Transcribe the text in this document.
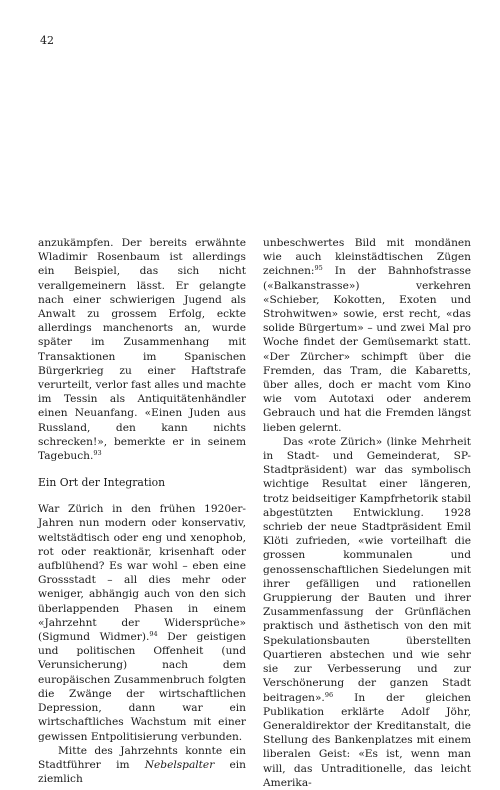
42

anzukämpfen. Der bereits erwähnte Wladimir Rosenbaum ist allerdings ein Beispiel, das sich nicht verallgemeinern lässt. Er gelangte nach einer schwierigen Jugend als Anwalt zu grossem Erfolg, eckte allerdings manchenorts an, wurde später im Zusammenhang mit Transaktionen im Spanischen Bürgerkrieg zu einer Haftstrafe verurteilt, verlor fast alles und machte im Tessin als Antiquitätenhändler einen Neuanfang. «Einen Juden aus Russland, den kann nichts schrecken!», bemerkte er in seinem Tagebuch.$^{93}$

Ein Ort der Integration

War Zürich in den frühen 1920er-Jahren nun modern oder konservativ, weltstädtisch oder eng und xenophob, rot oder reaktionär, krisenhaft oder aufblühend? Es war wohl – eben eine Grossstadt – all dies mehr oder weniger, abhängig auch von den sich überlappenden Phasen in einem «Jahrzehnt der Widersprüche» (Sigmund Widmer).$^{94}$ Der geistigen und politischen Offenheit (und Verunsicherung) nach dem europäischen Zusammenbruch folgten die Zwänge der wirtschaftlichen Depression, dann war ein wirtschaftliches Wachstum mit einer gewissen Entpolitisierung verbunden.

Mitte des Jahrzehnts konnte ein Stadtführer im Nebelspalter ein ziemlich

unbeschwertes Bild mit mondänen wie auch kleinstädtischen Zügen zeichnen:$^{95}$ In der Bahnhofstrasse («Balkanstrasse») verkehren «Schieber, Kokotten, Exoten und Strohwitwen» sowie, erst recht, «das solide Bürgertum» – und zwei Mal pro Woche findet der Gemüsemarkt statt. «Der Zürcher» schimpft über die Fremden, das Tram, die Kabaretts, über alles, doch er macht vom Kino wie vom Autotaxi oder anderem Gebrauch und hat die Fremden längst lieben gelernt.

Das «rote Zürich» (linke Mehrheit in Stadt- und Gemeinderat, SP-Stadtpräsident) war das symbolisch wichtige Resultat einer längeren, trotz beidseitiger Kampfrhetorik stabil abgestützten Entwicklung. 1928 schrieb der neue Stadtpräsident Emil Klöti zufrieden, «wie vorteilhaft die grossen kommunalen und genossenschaftlichen Siedelungen mit ihrer gefälligen und rationellen Gruppierung der Bauten und ihrer Zusammenfassung der Grünflächen praktisch und ästhetisch von den mit Spekulationsbauten überstellten Quartieren abstechen und wie sehr sie zur Verbesserung und zur Verschönerung der ganzen Stadt beitragen».$^{96}$ In der gleichen Publikation erklärte Adolf Jöhr, Generaldirektor der Kreditanstalt, die Stellung des Bankenplatzes mit einem liberalen Geist: «Es ist, wenn man will, das Untraditionelle, das leicht Amerika-
